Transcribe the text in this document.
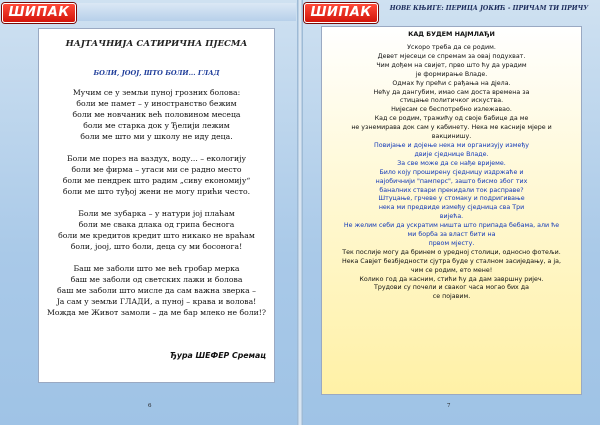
ШИПАК
НАЈТАЧНИЈА САТИРИЧНА ПЈЕСМА
БОЛИ, ЈООЈ, ШТО БОЛИ... ГЛАД
Мучим се у земљи пуној грозних болова:
боли ме памет – у иностранство бежим
боли ме новчаник већ половином месеца
боли ме старка док у Ђелији лежим
боли ме што ми у школу не иду деца.
Боли ме порез на ваздух, воду... – екологију
боли ме фирма – угаси ми се радно место
боли ме пендрек што радим „сиву економију“
боли ме што туђој жени не могу прићи често.
Боли ме зубарка – у натури јој плаћам
боли ме свака длака од грипа беснога
боли ме кредитов кредит што никако не враћам
боли, јоој, што боли, деца су ми босонога!
Баш ме заболи што ме већ гробар мерка
баш ме заболи од светских лажи и болова
баш ме заболи што мисле да сам важна зверка –
Ја сам у земљи ГЛАДИ, а пуној – крава и волова!
Можда ме Живот замоли – да ме бар млеко не боли!?
Ђура ШЕФЕР Сремац
6
ШИПАК	НОВЕ КЊИГЕ: ПЕРИЦА ЈОКИЋ - ПРИЧАМ ТИ ПРИЧУ
КАД БУДЕМ НАЈМЛАЂИ
Ускоро треба да се родим.
Девет мјесеци се спремам за овај подухват.
Чим дођем на свијет, прво што ћу да урадим
је формирање Владе.
Одмах ћу прећи с рађања на дјела.
Нећу да дангубим, имао сам доста времена за
стицање политичког искуства.
Нијесам се беспотребно излежавао.
Кад се родим, тражићу од своје бабице да ме
не узнемирава док сам у кабинету. Нека ме касније мјере и
вакцинишу.
Повијање и дојење нека ми организују између
двије сједнице Владе.
За све може да се нађе вријеме.
Било коју проширену сједницу издржаће и
најобичнији "памперс", зашто бисмо због тих
баналних ствари прекидали ток расправе?
Штуцање, грчеве у стомаку и подригивање
нека ми предвиде између сједница сва Три
вијећа.
Не желим себи да ускратим ништа што припада бебама, али ће
ми борба за власт бити на
првом мјесту.
Тек послије могу да бринем о уредној столици, односно фотељи.
Нека Савјет безбједности сјутра буде у сталном засиједању, а ја,
чим се родим, ето мене!
Колико год да касним, стићи ћу да дам завршну ријеч.
Трудови су почели и сваког часа могао бих да
се појавим.
7
